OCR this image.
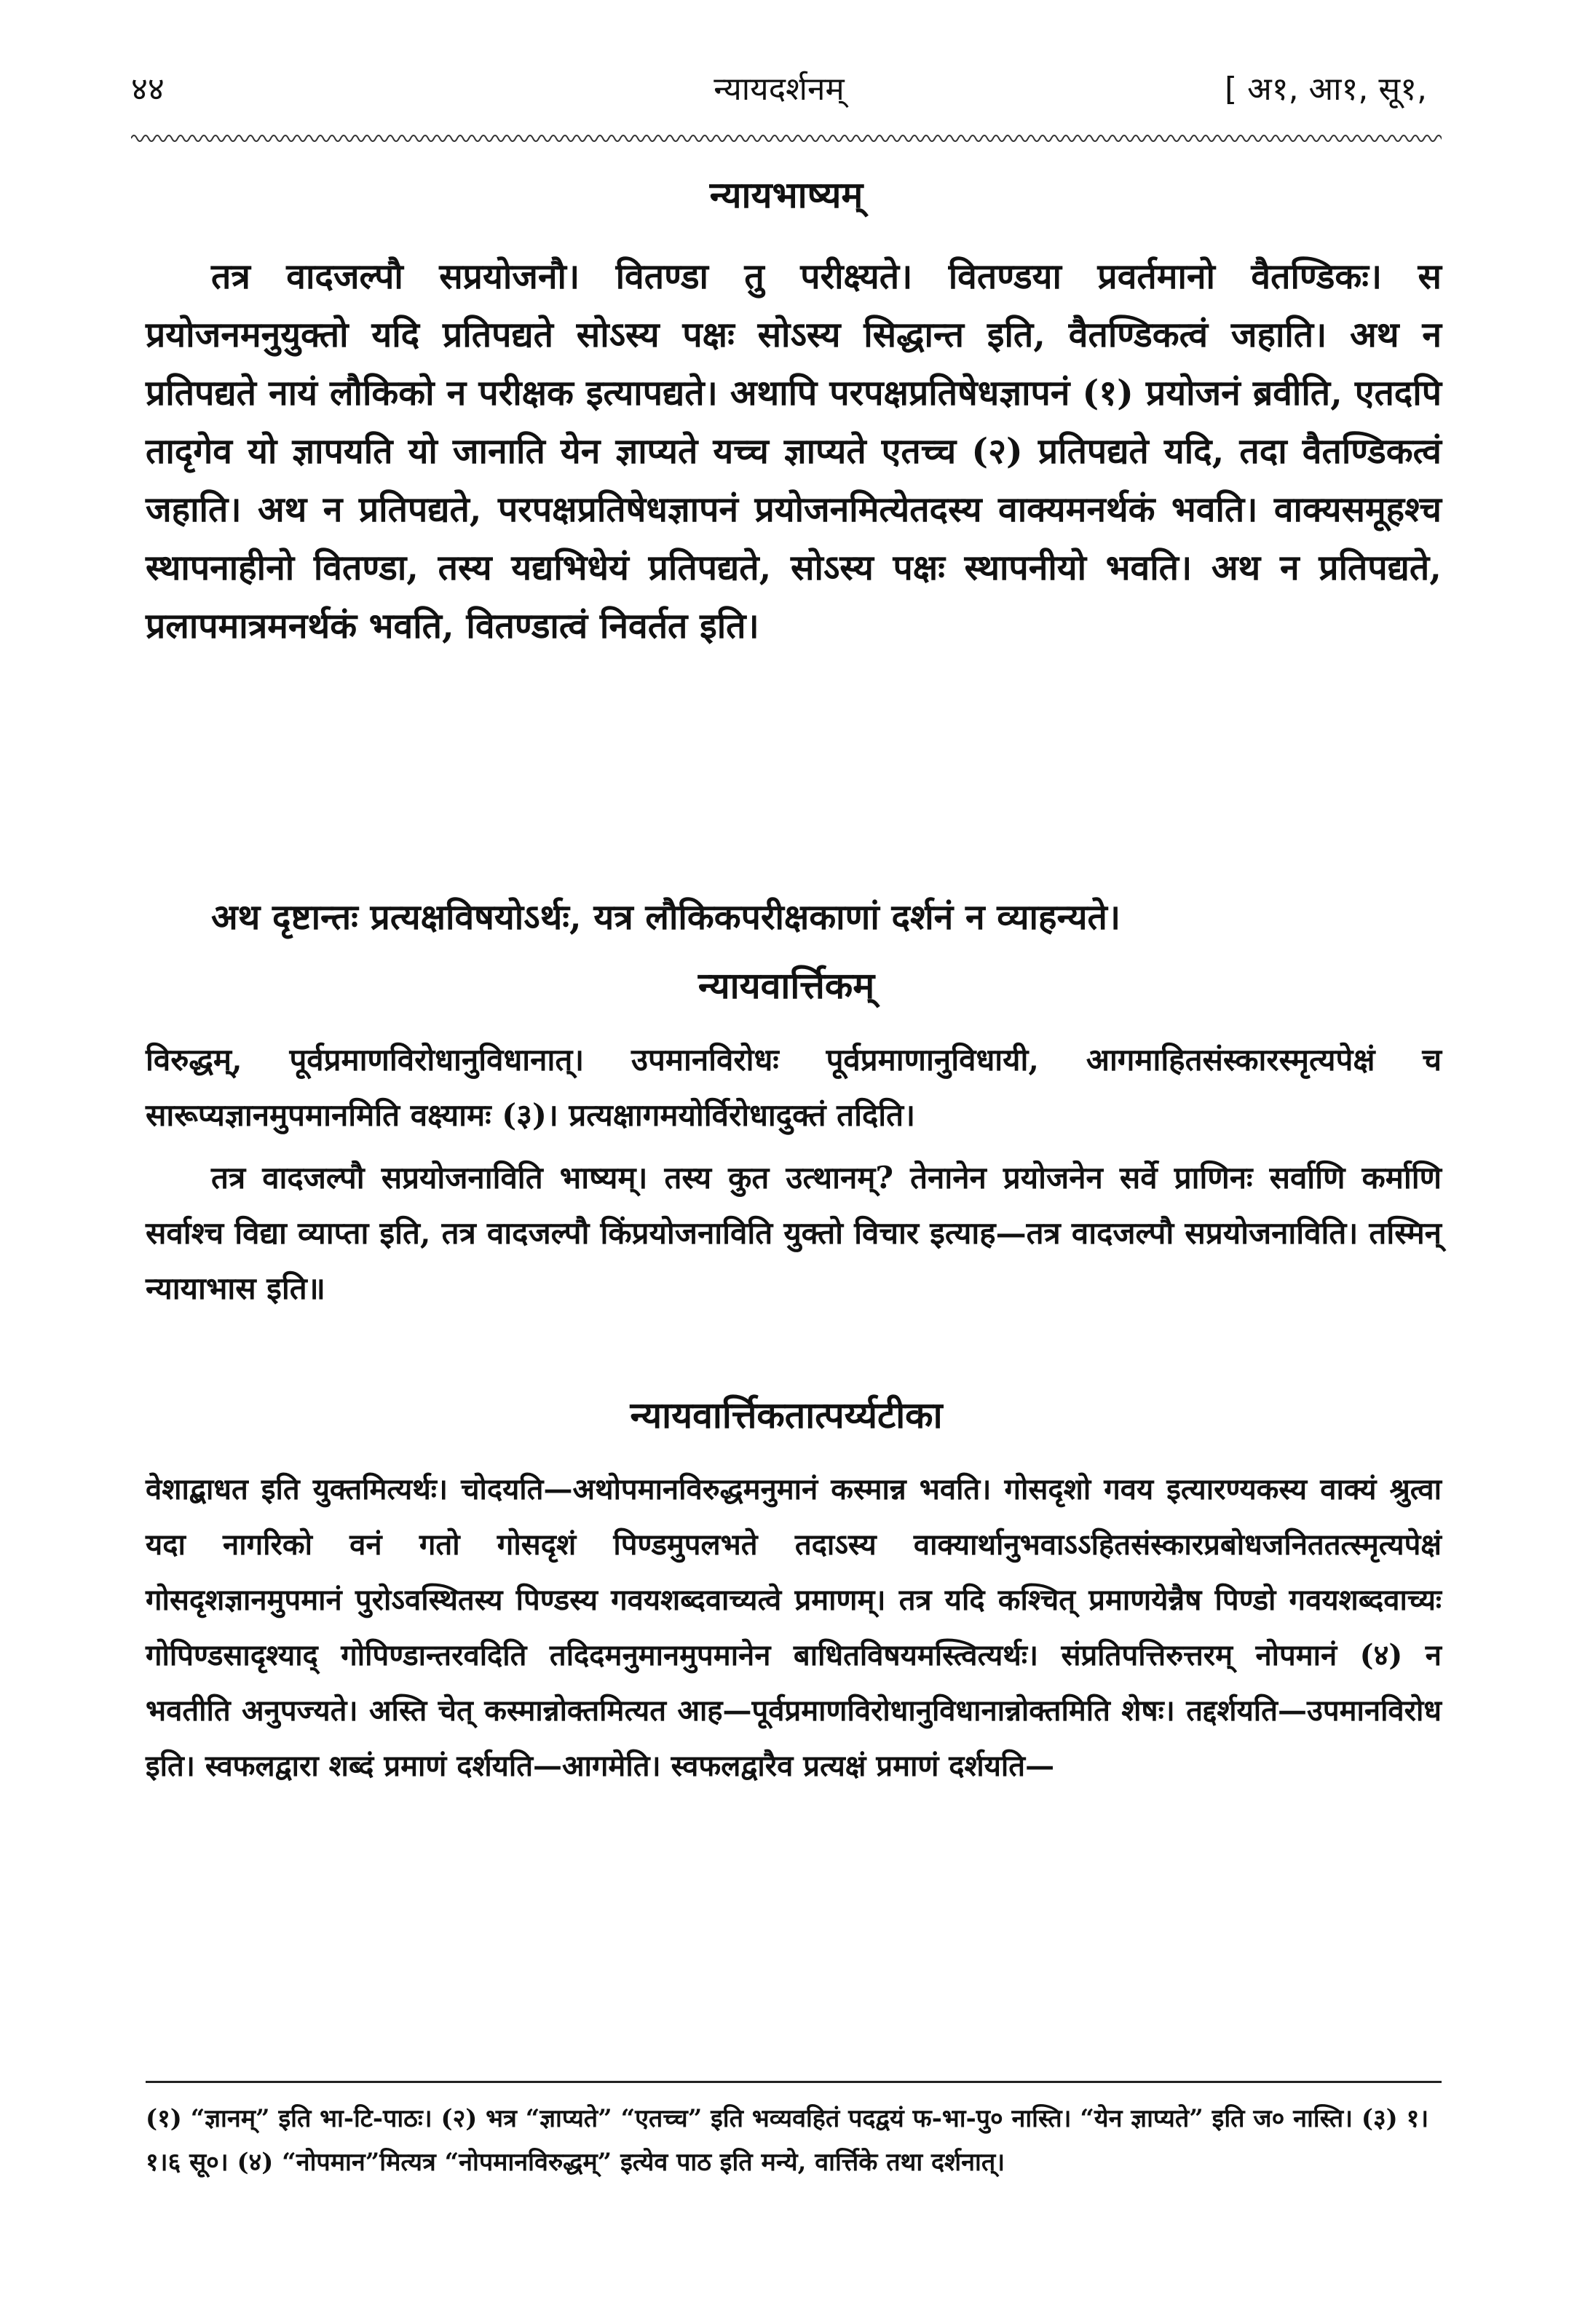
४४	न्यायदर्शनम्	[ अ१, आ१, सू१,
न्यायभाष्यम्
तत्र वादजल्पौ सप्रयोजनौ। वितण्डा तु परीक्ष्यते। वितण्डया प्रवर्तमानो वैतण्डिकः। स प्रयोजनमनुयुक्तो यदि प्रतिपद्यते सोऽस्य पक्षः सोऽस्य सिद्धान्त इति, वैतण्डिकत्वं जहाति। अथ न प्रतिपद्यते नायं लौकिको न परीक्षक इत्यापद्यते। अथापि परपक्षप्रतिषेधज्ञापनं (१) प्रयोजनं ब्रवीति, एतदपि तादृगेव यो ज्ञापयति यो जानाति येन ज्ञाप्यते यच्च ज्ञाप्यते एतच्च (२) प्रतिपद्यते यदि, तदा वैतण्डिकत्वं जहाति। अथ न प्रतिपद्यते, परपक्षप्रतिषेधज्ञापनं प्रयोजनमित्येतदस्य वाक्यमनर्थकं भवति। वाक्यसमूहश्च स्थापनाहीनो वितण्डा, तस्य यद्यभिधेयं प्रतिपद्यते, सोऽस्य पक्षः स्थापनीयो भवति। अथ न प्रतिपद्यते, प्रलापमात्रमनर्थकं भवति, वितण्डात्वं निवर्तत इति।
अथ दृष्टान्तः प्रत्यक्षविषयोऽर्थः, यत्र लौकिकपरीक्षकाणां दर्शनं न व्याहन्यते।
न्यायवार्त्तिकम्
विरुद्धम्, पूर्वप्रमाणविरोधानुविधानात्। उपमानविरोधः पूर्वप्रमाणानुविधायी, आगमाहितसंस्कारस्मृत्यपेक्षं च सारूप्यज्ञानमुपमानमिति वक्ष्यामः (३)। प्रत्यक्षागमयोर्विरोधादुक्तं तदिति।
तत्र वादजल्पौ सप्रयोजनाविति भाष्यम्। तस्य कुत उत्थानम्? तेनानेन प्रयोजनेन सर्वे प्राणिनः सर्वाणि कर्माणि सर्वाश्च विद्या व्याप्ता इति, तत्र वादजल्पौ किंप्रयोजनाविति युक्तो विचार इत्याह—तत्र वादजल्पौ सप्रयोजनाविति। तस्मिन् न्यायाभास इति॥
न्यायवार्त्तिकतात्पर्य्यटीका
वेशाद्बाधत इति युक्तमित्यर्थः। चोदयति—अथोपमानविरुद्धमनुमानं कस्मान्न भवति। गोसदृशो गवय इत्यारण्यकस्य वाक्यं श्रुत्वा यदा नागरिको वनं गतो गोसदृशं पिण्डमुपलभते तदाऽस्य वाक्यार्थानुभवाऽऽहितसंस्कारप्रबोधजनिततत्स्मृत्यपेक्षं गोसदृशज्ञानमुपमानं पुरोऽवस्थितस्य पिण्डस्य गवयशब्दवाच्यत्वे प्रमाणम्। तत्र यदि कश्चित् प्रमाणयेन्नैष पिण्डो गवयशब्दवाच्यः गोपिण्डसादृश्याद् गोपिण्डान्तरवदिति तदिदमनुमानमुपमानेन बाधितविषयमस्त्वित्यर्थः। संप्रतिपत्तिरुत्तरम् नोपमानं (४) न भवतीति अनुपज्यते। अस्ति चेत् कस्मान्नोक्तमित्यत आह—पूर्वप्रमाणविरोधानुविधानान्नोक्तमिति शेषः। तद्दर्शयति—उपमानविरोध इति। स्वफलद्वारा शब्दं प्रमाणं दर्शयति—आगमेति। स्वफलद्वारैव प्रत्यक्षं प्रमाणं दर्शयति—
(१) “ज्ञानम्” इति भा-टि-पाठः। (२) भत्र “ज्ञाप्यते” “एतच्च” इति भव्यवहितं पदद्वयं फ-भा-पु० नास्ति। “येन ज्ञाप्यते” इति ज० नास्ति। (३) १।१।६ सू०। (४) “नोपमान”मित्यत्र “नोपमानविरुद्धम्” इत्येव पाठ इति मन्ये, वार्त्तिके तथा दर्शनात्।
